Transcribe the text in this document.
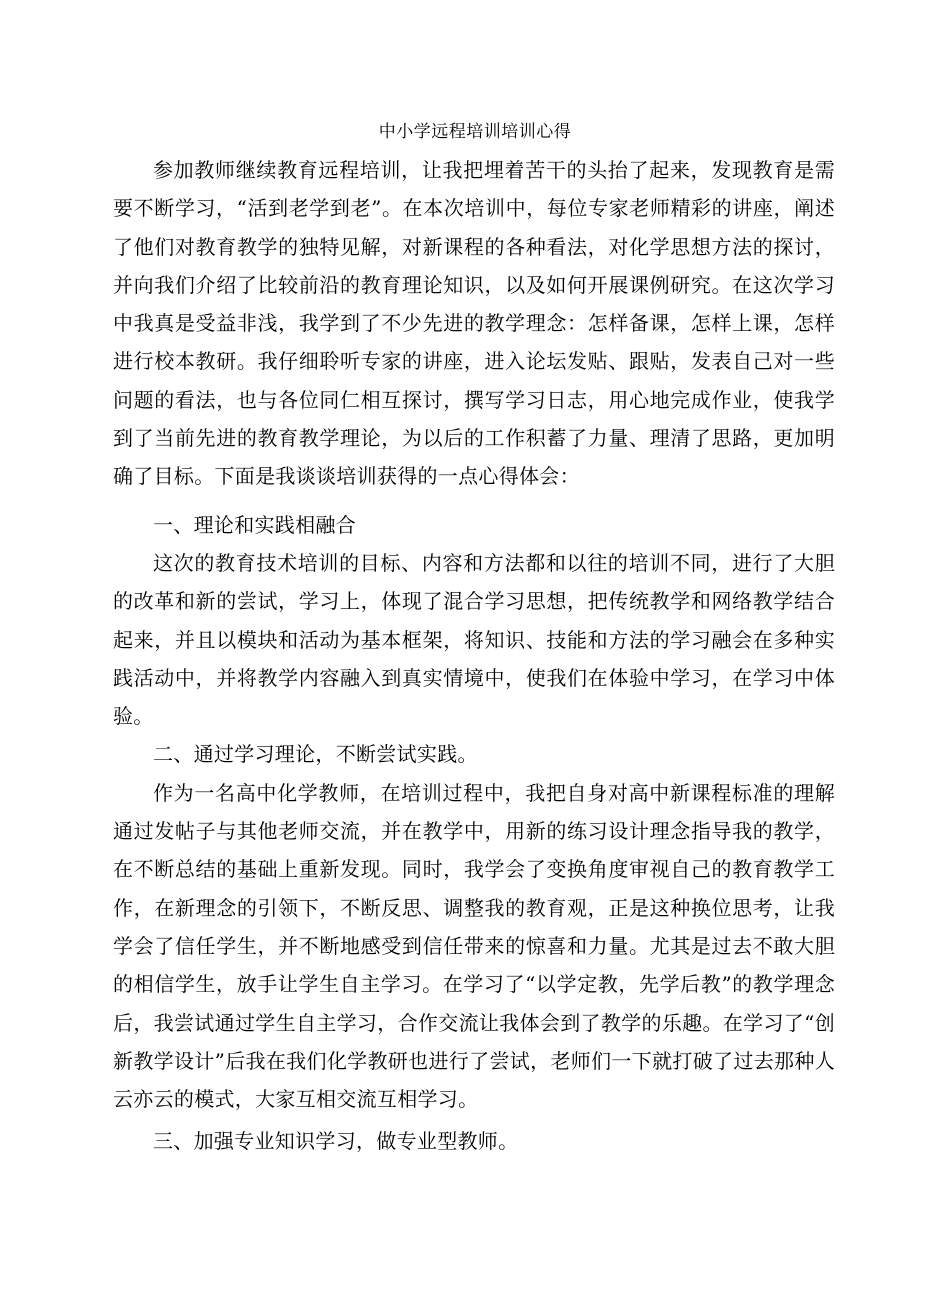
中小学远程培训培训心得

参加教师继续教育远程培训，让我把埋着苦干的头抬了起来，发现教育是需要不断学习，“活到老学到老”。在本次培训中，每位专家老师精彩的讲座，阐述了他们对教育教学的独特见解，对新课程的各种看法，对化学思想方法的探讨，并向我们介绍了比较前沿的教育理论知识，以及如何开展课例研究。在这次学习中我真是受益非浅，我学到了不少先进的教学理念：怎样备课，怎样上课，怎样进行校本教研。我仔细聆听专家的讲座，进入论坛发贴、跟贴，发表自己对一些问题的看法，也与各位同仁相互探讨，撰写学习日志，用心地完成作业，使我学到了当前先进的教育教学理论，为以后的工作积蓄了力量、理清了思路，更加明确了目标。下面是我谈谈培训获得的一点心得体会：

一、理论和实践相融合

这次的教育技术培训的目标、内容和方法都和以往的培训不同，进行了大胆的改革和新的尝试，学习上，体现了混合学习思想，把传统教学和网络教学结合起来，并且以模块和活动为基本框架，将知识、技能和方法的学习融会在多种实践活动中，并将教学内容融入到真实情境中，使我们在体验中学习，在学习中体验。

二、通过学习理论，不断尝试实践。

作为一名高中化学教师，在培训过程中，我把自身对高中新课程标准的理解通过发帖子与其他老师交流，并在教学中，用新的练习设计理念指导我的教学，在不断总结的基础上重新发现。同时，我学会了变换角度审视自己的教育教学工作，在新理念的引领下，不断反思、调整我的教育观，正是这种换位思考，让我学会了信任学生，并不断地感受到信任带来的惊喜和力量。尤其是过去不敢大胆的相信学生，放手让学生自主学习。在学习了“以学定教，先学后教”的教学理念后，我尝试通过学生自主学习，合作交流让我体会到了教学的乐趣。在学习了“创新教学设计”后我在我们化学教研也进行了尝试，老师们一下就打破了过去那种人云亦云的模式，大家互相交流互相学习。

三、加强专业知识学习，做专业型教师。
